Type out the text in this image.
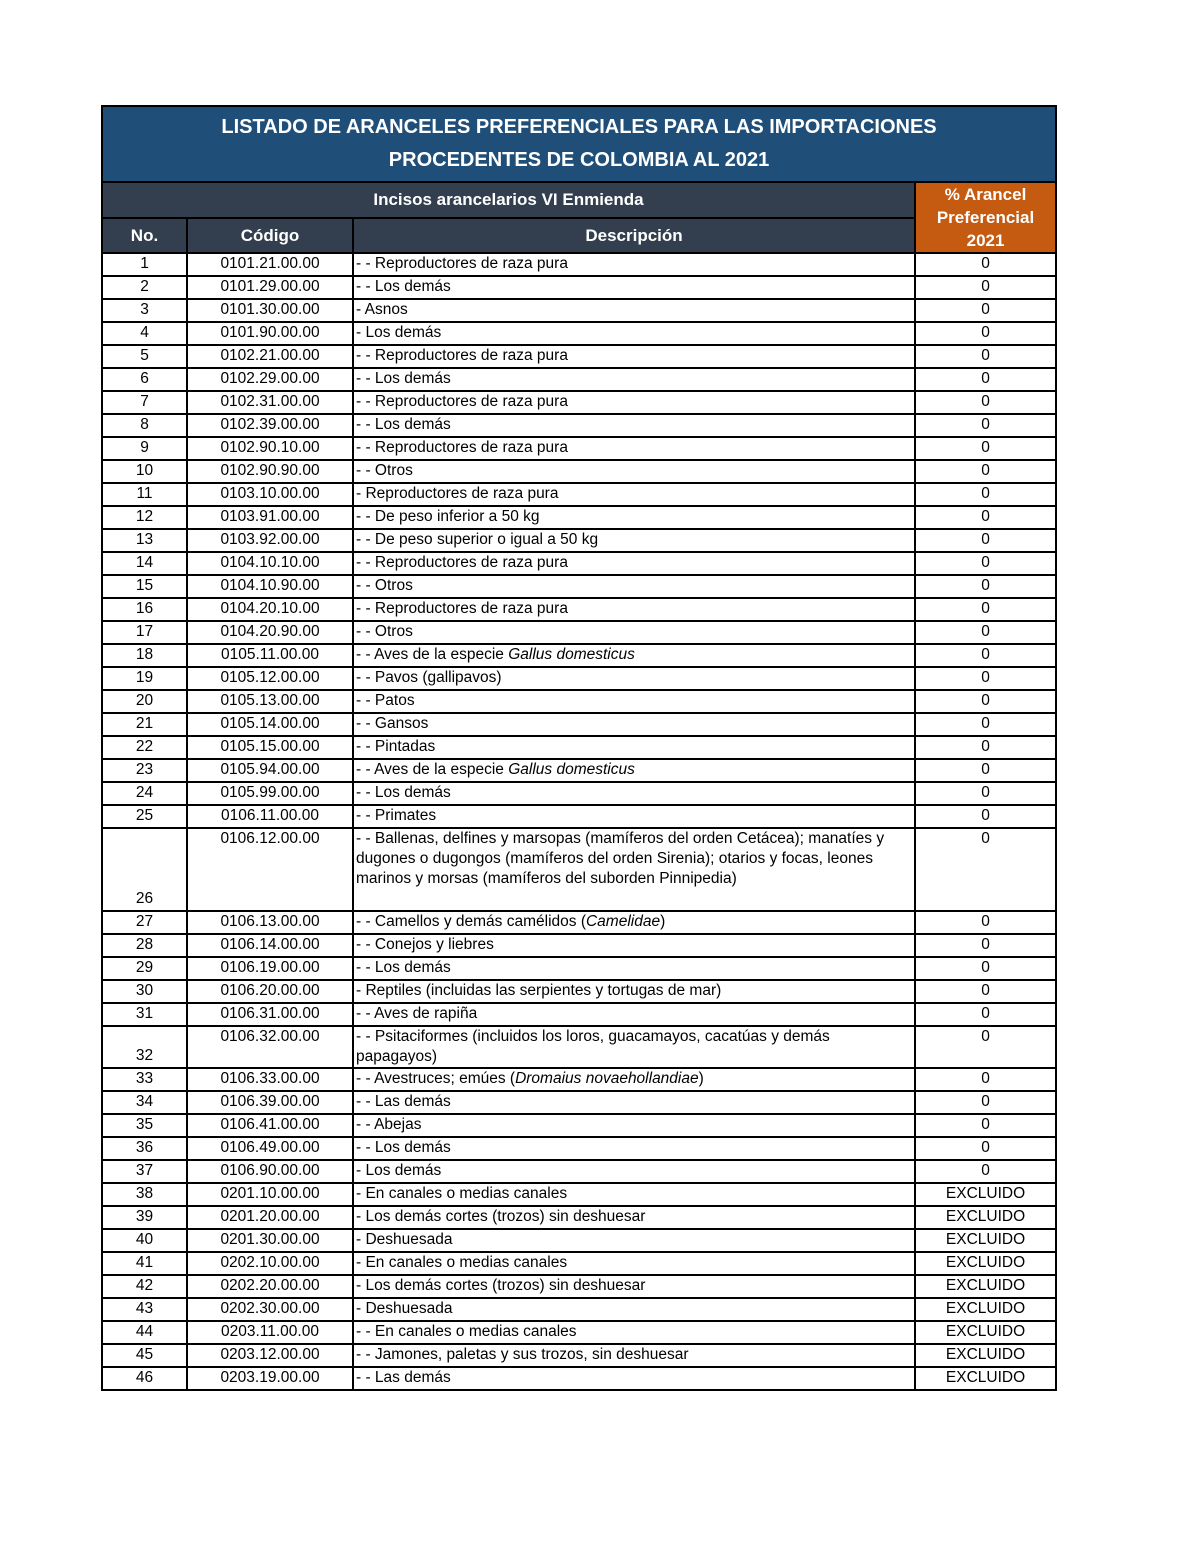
LISTADO DE ARANCELES PREFERENCIALES PARA LAS IMPORTACIONES PROCEDENTES DE COLOMBIA AL 2021			
Incisos arancelarios VI Enmienda			% Arancel Preferencial 2021
No.	Código	Descripción	
1	0101.21.00.00	- - Reproductores de raza pura	0
2	0101.29.00.00	- - Los demás	0
3	0101.30.00.00	- Asnos	0
4	0101.90.00.00	- Los demás	0
5	0102.21.00.00	- - Reproductores de raza pura	0
6	0102.29.00.00	- - Los demás	0
7	0102.31.00.00	- - Reproductores de raza pura	0
8	0102.39.00.00	- - Los demás	0
9	0102.90.10.00	- - Reproductores de raza pura	0
10	0102.90.90.00	- - Otros	0
11	0103.10.00.00	- Reproductores de raza pura	0
12	0103.91.00.00	- - De peso inferior a 50 kg	0
13	0103.92.00.00	- - De peso superior o igual a 50 kg	0
14	0104.10.10.00	- - Reproductores de raza pura	0
15	0104.10.90.00	- - Otros	0
16	0104.20.10.00	- - Reproductores de raza pura	0
17	0104.20.90.00	- - Otros	0
18	0105.11.00.00	- - Aves de la especie Gallus domesticus	0
19	0105.12.00.00	- - Pavos (gallipavos)	0
20	0105.13.00.00	- - Patos	0
21	0105.14.00.00	- - Gansos	0
22	0105.15.00.00	- - Pintadas	0
23	0105.94.00.00	- - Aves de la especie Gallus domesticus	0
24	0105.99.00.00	- - Los demás	0
25	0106.11.00.00	- - Primates	0
26	0106.12.00.00	- - Ballenas, delfines y marsopas (mamíferos del orden Cetácea); manatíes y dugones o dugongos (mamíferos del orden Sirenia); otarios y focas, leones marinos y morsas (mamíferos del suborden Pinnipedia)	0
27	0106.13.00.00	- - Camellos y demás camélidos (Camelidae)	0
28	0106.14.00.00	- - Conejos y liebres	0
29	0106.19.00.00	- - Los demás	0
30	0106.20.00.00	- Reptiles (incluidas las serpientes y tortugas de mar)	0
31	0106.31.00.00	- - Aves de rapiña	0
32	0106.32.00.00	- - Psitaciformes (incluidos los loros, guacamayos, cacatúas y demás papagayos)	0
33	0106.33.00.00	- - Avestruces; emúes (Dromaius novaehollandiae)	0
34	0106.39.00.00	- - Las demás	0
35	0106.41.00.00	- - Abejas	0
36	0106.49.00.00	- - Los demás	0
37	0106.90.00.00	- Los demás	0
38	0201.10.00.00	- En canales o medias canales	EXCLUIDO
39	0201.20.00.00	- Los demás cortes (trozos) sin deshuesar	EXCLUIDO
40	0201.30.00.00	- Deshuesada	EXCLUIDO
41	0202.10.00.00	- En canales o medias canales	EXCLUIDO
42	0202.20.00.00	- Los demás cortes (trozos) sin deshuesar	EXCLUIDO
43	0202.30.00.00	- Deshuesada	EXCLUIDO
44	0203.11.00.00	- - En canales o medias canales	EXCLUIDO
45	0203.12.00.00	- - Jamones, paletas y sus trozos, sin deshuesar	EXCLUIDO
46	0203.19.00.00	- - Las demás	EXCLUIDO
